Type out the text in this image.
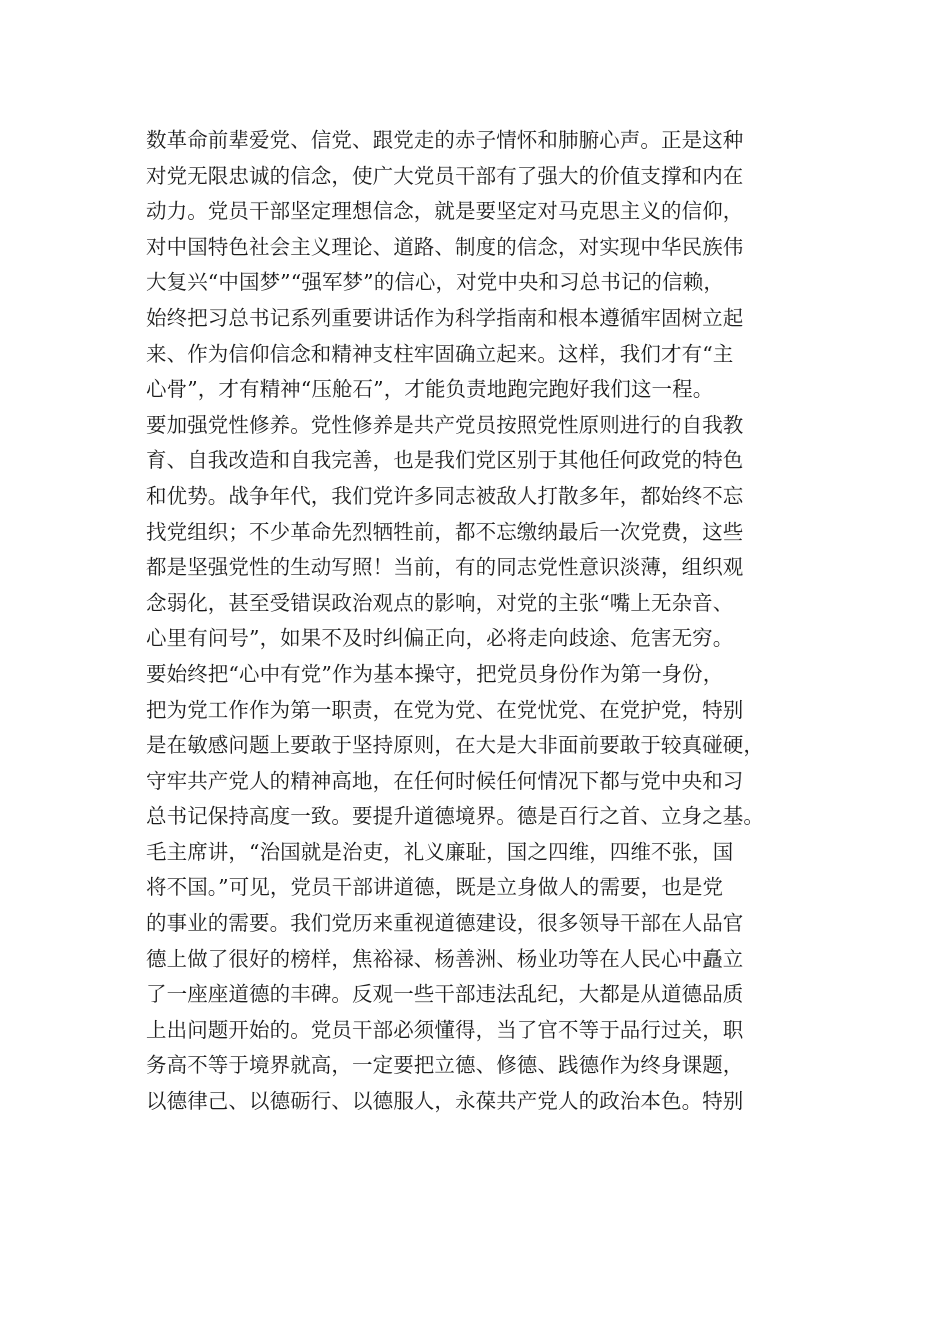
数革命前辈爱党、信党、跟党走的赤子情怀和肺腑心声。正是这种
对党无限忠诚的信念，使广大党员干部有了强大的价值支撑和内在
动力。党员干部坚定理想信念，就是要坚定对马克思主义的信仰，
对中国特色社会主义理论、道路、制度的信念，对实现中华民族伟
大复兴“中国梦”“强军梦”的信心，对党中央和习总书记的信赖，
始终把习总书记系列重要讲话作为科学指南和根本遵循牢固树立起
来、作为信仰信念和精神支柱牢固确立起来。这样，我们才有“主
心骨”，才有精神“压舱石”，才能负责地跑完跑好我们这一程。
要加强党性修养。党性修养是共产党员按照党性原则进行的自我教
育、自我改造和自我完善，也是我们党区别于其他任何政党的特色
和优势。战争年代，我们党许多同志被敌人打散多年，都始终不忘
找党组织；不少革命先烈牺牲前，都不忘缴纳最后一次党费，这些
都是坚强党性的生动写照！当前，有的同志党性意识淡薄，组织观
念弱化，甚至受错误政治观点的影响，对党的主张“嘴上无杂音、
心里有问号”，如果不及时纠偏正向，必将走向歧途、危害无穷。
要始终把“心中有党”作为基本操守，把党员身份作为第一身份，
把为党工作作为第一职责，在党为党、在党忧党、在党护党，特别
是在敏感问题上要敢于坚持原则，在大是大非面前要敢于较真碰硬，
守牢共产党人的精神高地，在任何时候任何情况下都与党中央和习
总书记保持高度一致。要提升道德境界。德是百行之首、立身之基。
毛主席讲，“治国就是治吏，礼义廉耻，国之四维，四维不张，国
将不国。”可见，党员干部讲道德，既是立身做人的需要，也是党
的事业的需要。我们党历来重视道德建设，很多领导干部在人品官
德上做了很好的榜样，焦裕禄、杨善洲、杨业功等在人民心中矗立
了一座座道德的丰碑。反观一些干部违法乱纪，大都是从道德品质
上出问题开始的。党员干部必须懂得，当了官不等于品行过关，职
务高不等于境界就高，一定要把立德、修德、践德作为终身课题，
以德律己、以德砺行、以德服人，永葆共产党人的政治本色。特别
